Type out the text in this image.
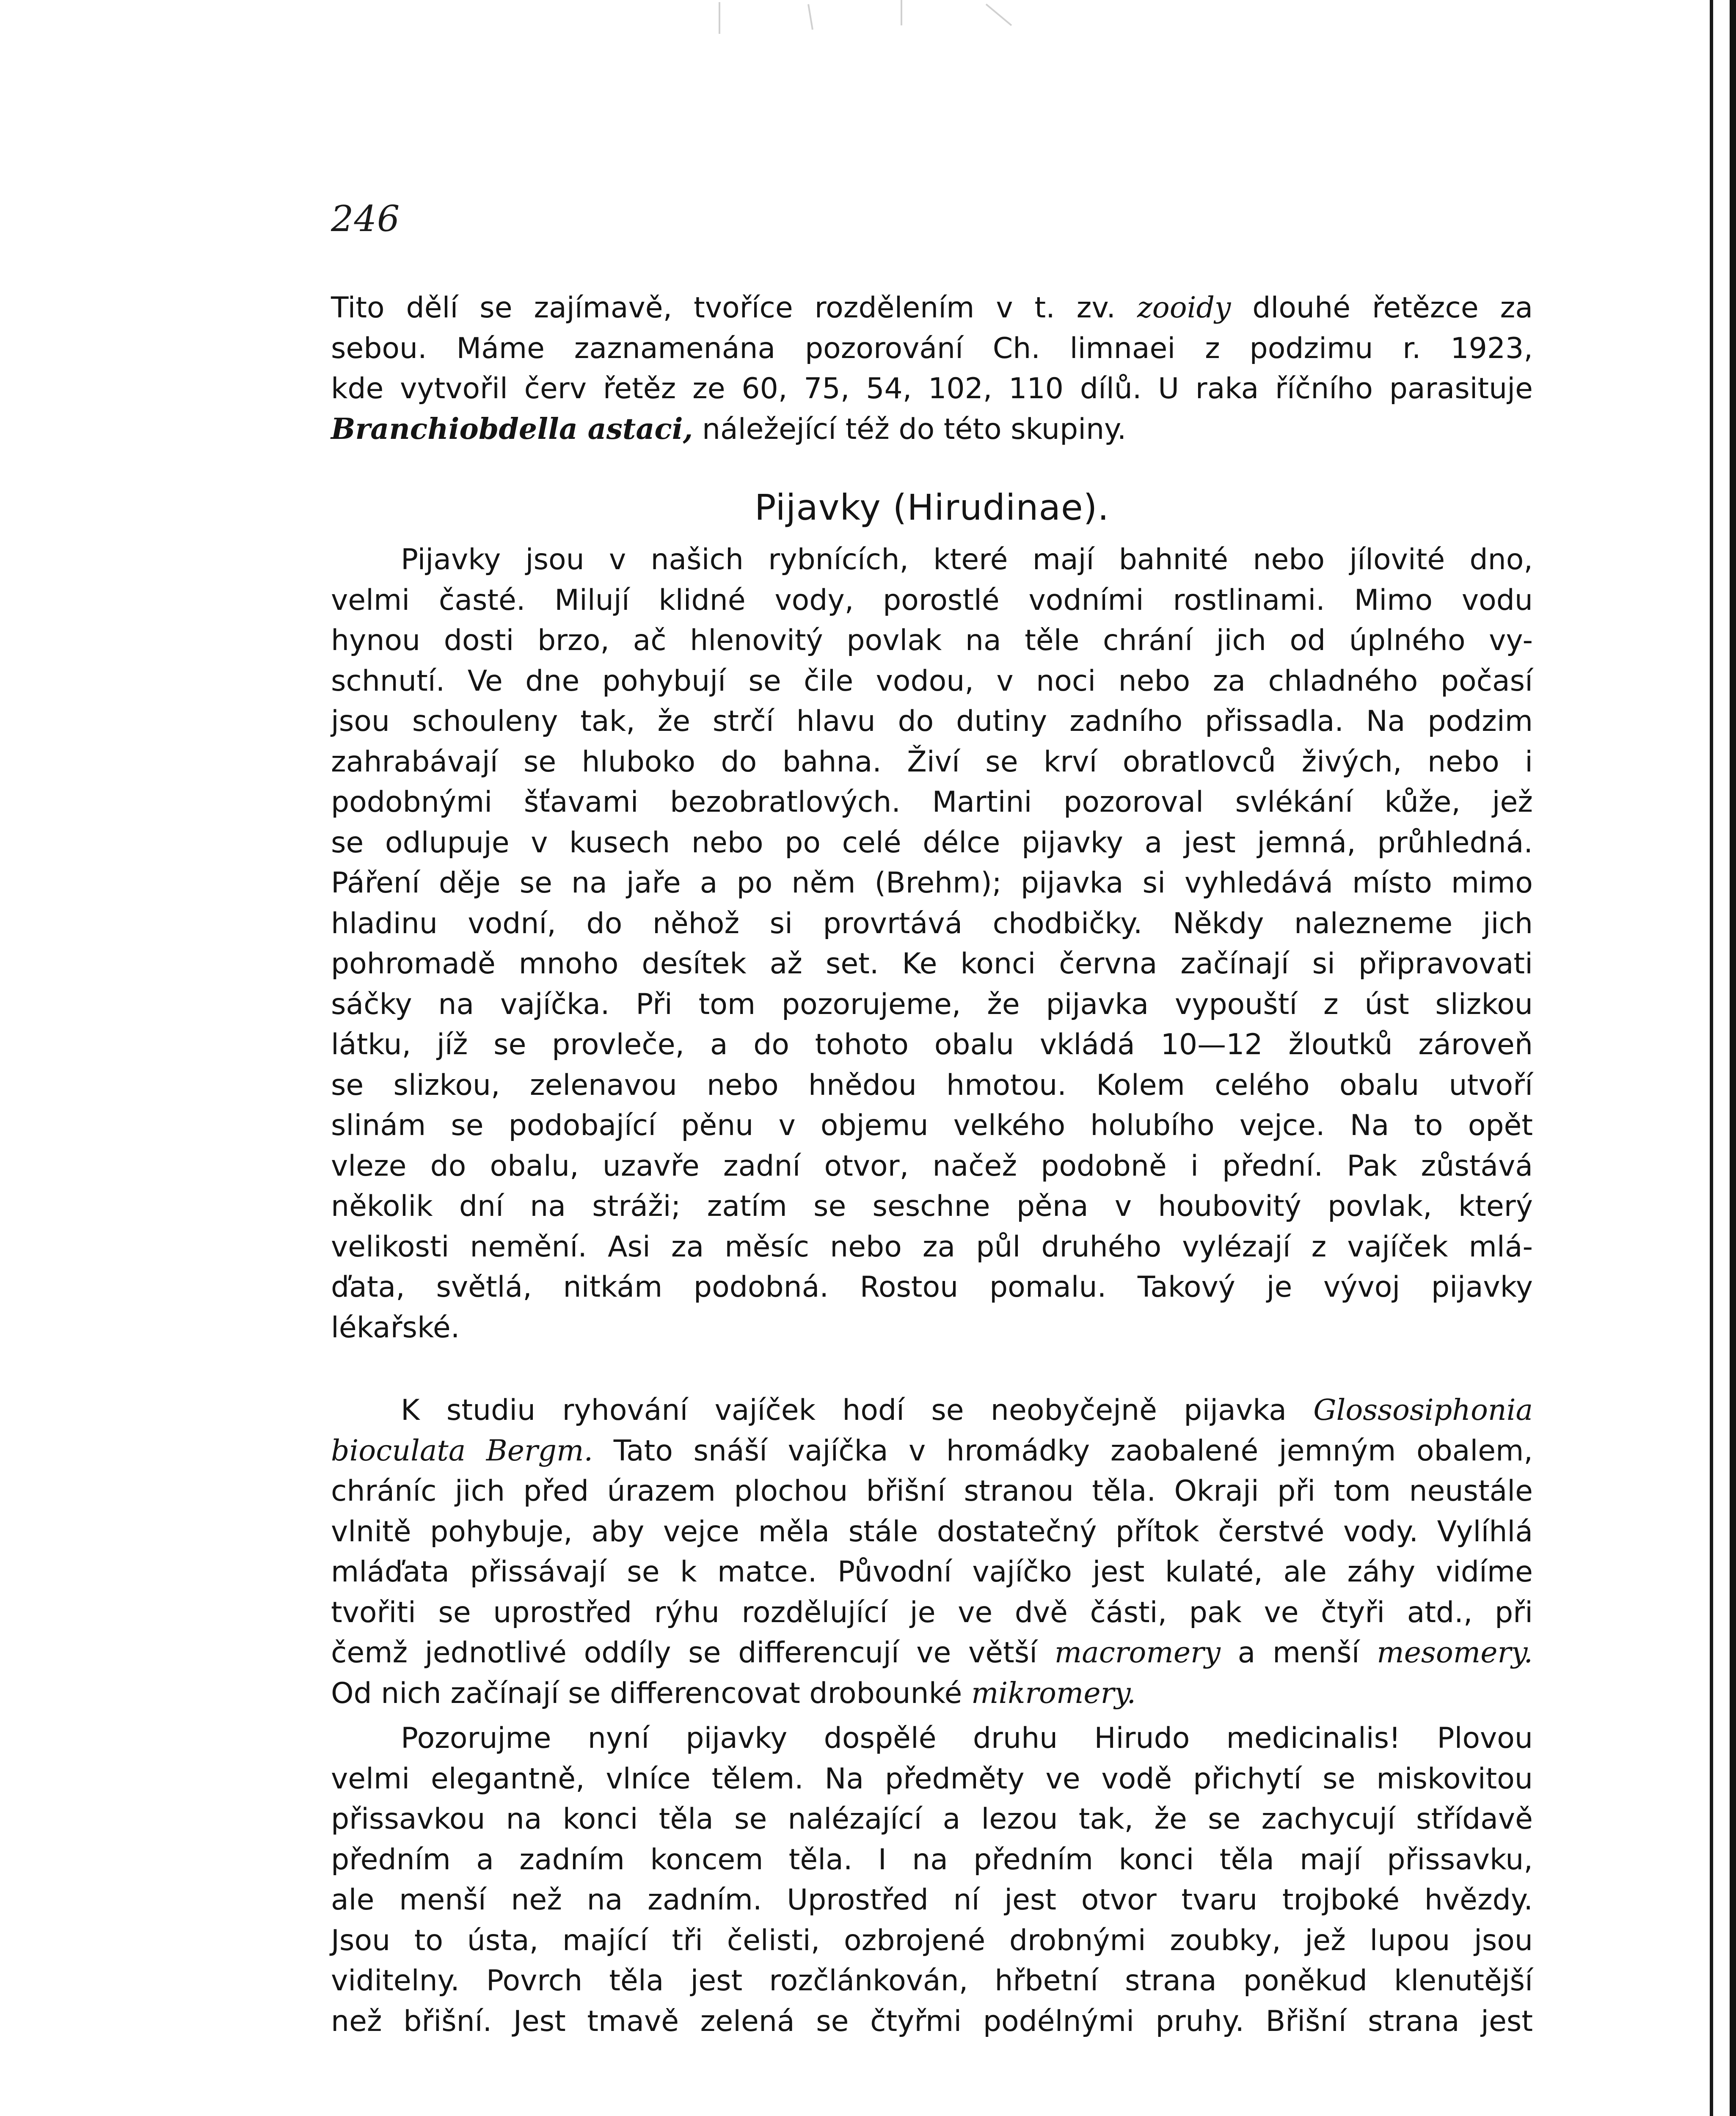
246
Tito dělí se zajímavě, tvoříce rozdělením v t. zv. zooidy dlouhé řetězce za
sebou. Máme zaznamenána pozorování Ch. limnaei z podzimu r. 1923,
kde vytvořil červ řetěz ze 60, 75, 54, 102, 110 dílů. U raka říčního parasituje
Branchiobdella astaci, náležející též do této skupiny.
Pijavky (Hirudinae).
Pijavky jsou v našich rybnících, které mají bahnité nebo jílovité dno,
velmi časté. Milují klidné vody, porostlé vodními rostlinami. Mimo vodu
hynou dosti brzo, ač hlenovitý povlak na těle chrání jich od úplného vy-
schnutí. Ve dne pohybují se čile vodou, v noci nebo za chladného počasí
jsou schouleny tak, že strčí hlavu do dutiny zadního přissadla. Na podzim
zahrabávají se hluboko do bahna. Živí se krví obratlovců živých, nebo i
podobnými šťavami bezobratlových. Martini pozoroval svlékání kůže, jež
se odlupuje v kusech nebo po celé délce pijavky a jest jemná, průhledná.
Páření děje se na jaře a po něm (Brehm); pijavka si vyhledává místo mimo
hladinu vodní, do něhož si provrtává chodbičky. Někdy nalezneme jich
pohromadě mnoho desítek až set. Ke konci června začínají si připravovati
sáčky na vajíčka. Při tom pozorujeme, že pijavka vypouští z úst slizkou
látku, jíž se provleče, a do tohoto obalu vkládá 10—12 žloutků zároveň
se slizkou, zelenavou nebo hnědou hmotou. Kolem celého obalu utvoří
slinám se podobající pěnu v objemu velkého holubího vejce. Na to opět
vleze do obalu, uzavře zadní otvor, načež podobně i přední. Pak zůstává
několik dní na stráži; zatím se seschne pěna v houbovitý povlak, který
velikosti nemění. Asi za měsíc nebo za půl druhého vylézají z vajíček mlá-
ďata, světlá, nitkám podobná. Rostou pomalu. Takový je vývoj pijavky
lékařské.
K studiu ryhování vajíček hodí se neobyčejně pijavka Glossosiphonia
bioculata Bergm. Tato snáší vajíčka v hromádky zaobalené jemným obalem,
chráníc jich před úrazem plochou břišní stranou těla. Okraji při tom neustále
vlnitě pohybuje, aby vejce měla stále dostatečný přítok čerstvé vody. Vylíhlá
mláďata přissávají se k matce. Původní vajíčko jest kulaté, ale záhy vidíme
tvořiti se uprostřed rýhu rozdělující je ve dvě části, pak ve čtyři atd., při
čemž jednotlivé oddíly se differencují ve větší macromery a menší mesomery.
Od nich začínají se differencovat drobounké mikromery.
Pozorujme nyní pijavky dospělé druhu Hirudo medicinalis! Plovou
velmi elegantně, vlníce tělem. Na předměty ve vodě přichytí se miskovitou
přissavkou na konci těla se nalézající a lezou tak, že se zachycují střídavě
předním a zadním koncem těla. I na předním konci těla mají přissavku,
ale menší než na zadním. Uprostřed ní jest otvor tvaru trojboké hvězdy.
Jsou to ústa, mající tři čelisti, ozbrojené drobnými zoubky, jež lupou jsou
viditelny. Povrch těla jest rozčlánkován, hřbetní strana poněkud klenutější
než břišní. Jest tmavě zelená se čtyřmi podélnými pruhy. Břišní strana jest
